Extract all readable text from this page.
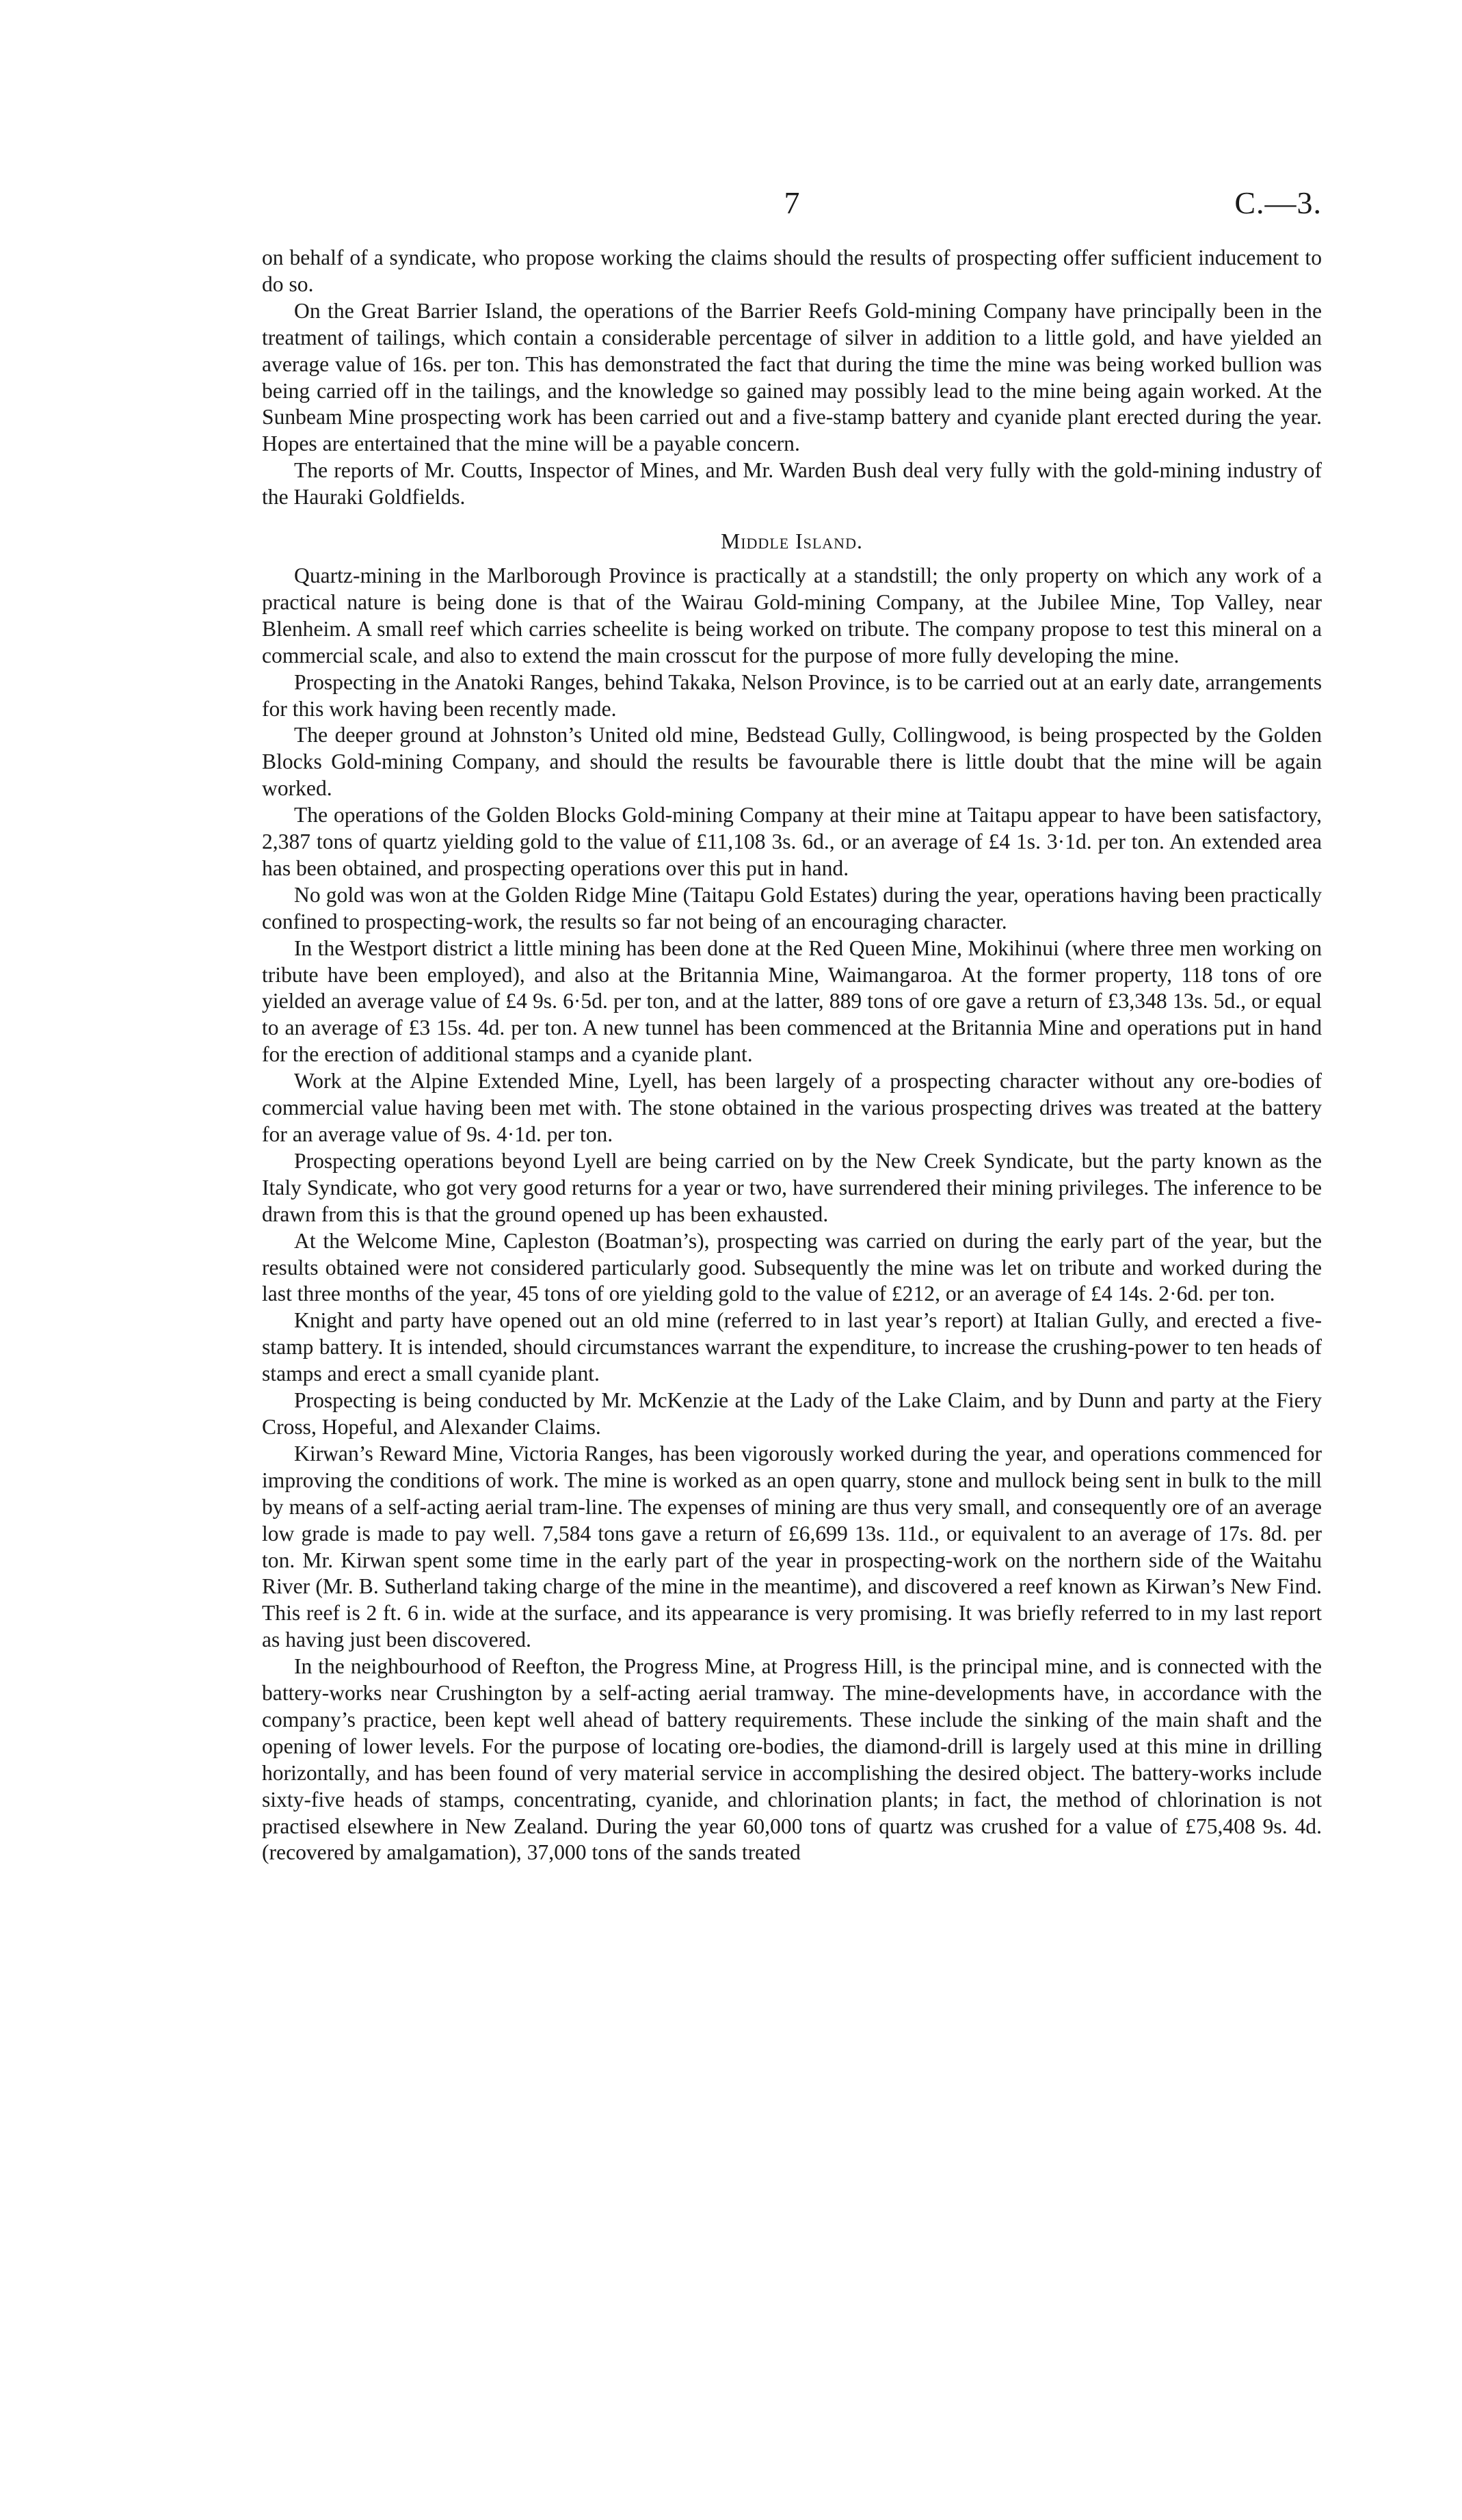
7	C.—3.

on behalf of a syndicate, who propose working the claims should the results of prospecting offer sufficient inducement to do so.

On the Great Barrier Island, the operations of the Barrier Reefs Gold-mining Company have principally been in the treatment of tailings, which contain a considerable percentage of silver in addition to a little gold, and have yielded an average value of 16s. per ton. This has demonstrated the fact that during the time the mine was being worked bullion was being carried off in the tailings, and the knowledge so gained may possibly lead to the mine being again worked. At the Sunbeam Mine prospecting work has been carried out and a five-stamp battery and cyanide plant erected during the year. Hopes are entertained that the mine will be a payable concern.

The reports of Mr. Coutts, Inspector of Mines, and Mr. Warden Bush deal very fully with the gold-mining industry of the Hauraki Goldfields.

Middle Island.

Quartz-mining in the Marlborough Province is practically at a standstill; the only property on which any work of a practical nature is being done is that of the Wairau Gold-mining Company, at the Jubilee Mine, Top Valley, near Blenheim. A small reef which carries scheelite is being worked on tribute. The company propose to test this mineral on a commercial scale, and also to extend the main crosscut for the purpose of more fully developing the mine.

Prospecting in the Anatoki Ranges, behind Takaka, Nelson Province, is to be carried out at an early date, arrangements for this work having been recently made.

The deeper ground at Johnston’s United old mine, Bedstead Gully, Collingwood, is being prospected by the Golden Blocks Gold-mining Company, and should the results be favourable there is little doubt that the mine will be again worked.

The operations of the Golden Blocks Gold-mining Company at their mine at Taitapu appear to have been satisfactory, 2,387 tons of quartz yielding gold to the value of £11,108 3s. 6d., or an average of £4 1s. 3·1d. per ton. An extended area has been obtained, and prospecting operations over this put in hand.

No gold was won at the Golden Ridge Mine (Taitapu Gold Estates) during the year, operations having been practically confined to prospecting-work, the results so far not being of an encouraging character.

In the Westport district a little mining has been done at the Red Queen Mine, Mokihinui (where three men working on tribute have been employed), and also at the Britannia Mine, Waimangaroa. At the former property, 118 tons of ore yielded an average value of £4 9s. 6·5d. per ton, and at the latter, 889 tons of ore gave a return of £3,348 13s. 5d., or equal to an average of £3 15s. 4d. per ton. A new tunnel has been commenced at the Britannia Mine and operations put in hand for the erection of additional stamps and a cyanide plant.

Work at the Alpine Extended Mine, Lyell, has been largely of a prospecting character without any ore-bodies of commercial value having been met with. The stone obtained in the various prospecting drives was treated at the battery for an average value of 9s. 4·1d. per ton.

Prospecting operations beyond Lyell are being carried on by the New Creek Syndicate, but the party known as the Italy Syndicate, who got very good returns for a year or two, have surrendered their mining privileges. The inference to be drawn from this is that the ground opened up has been exhausted.

At the Welcome Mine, Capleston (Boatman’s), prospecting was carried on during the early part of the year, but the results obtained were not considered particularly good. Subsequently the mine was let on tribute and worked during the last three months of the year, 45 tons of ore yielding gold to the value of £212, or an average of £4 14s. 2·6d. per ton.

Knight and party have opened out an old mine (referred to in last year’s report) at Italian Gully, and erected a five-stamp battery. It is intended, should circumstances warrant the expenditure, to increase the crushing-power to ten heads of stamps and erect a small cyanide plant.

Prospecting is being conducted by Mr. McKenzie at the Lady of the Lake Claim, and by Dunn and party at the Fiery Cross, Hopeful, and Alexander Claims.

Kirwan’s Reward Mine, Victoria Ranges, has been vigorously worked during the year, and operations commenced for improving the conditions of work. The mine is worked as an open quarry, stone and mullock being sent in bulk to the mill by means of a self-acting aerial tram-line. The expenses of mining are thus very small, and consequently ore of an average low grade is made to pay well. 7,584 tons gave a return of £6,699 13s. 11d., or equivalent to an average of 17s. 8d. per ton. Mr. Kirwan spent some time in the early part of the year in prospecting-work on the northern side of the Waitahu River (Mr. B. Sutherland taking charge of the mine in the meantime), and discovered a reef known as Kirwan’s New Find. This reef is 2 ft. 6 in. wide at the surface, and its appearance is very promising. It was briefly referred to in my last report as having just been discovered.

In the neighbourhood of Reefton, the Progress Mine, at Progress Hill, is the principal mine, and is connected with the battery-works near Crushington by a self-acting aerial tramway. The mine-developments have, in accordance with the company’s practice, been kept well ahead of battery requirements. These include the sinking of the main shaft and the opening of lower levels. For the purpose of locating ore-bodies, the diamond-drill is largely used at this mine in drilling horizontally, and has been found of very material service in accomplishing the desired object. The battery-works include sixty-five heads of stamps, concentrating, cyanide, and chlorination plants; in fact, the method of chlorination is not practised elsewhere in New Zealand. During the year 60,000 tons of quartz was crushed for a value of £75,408 9s. 4d. (recovered by amalgamation), 37,000 tons of the sands treated
